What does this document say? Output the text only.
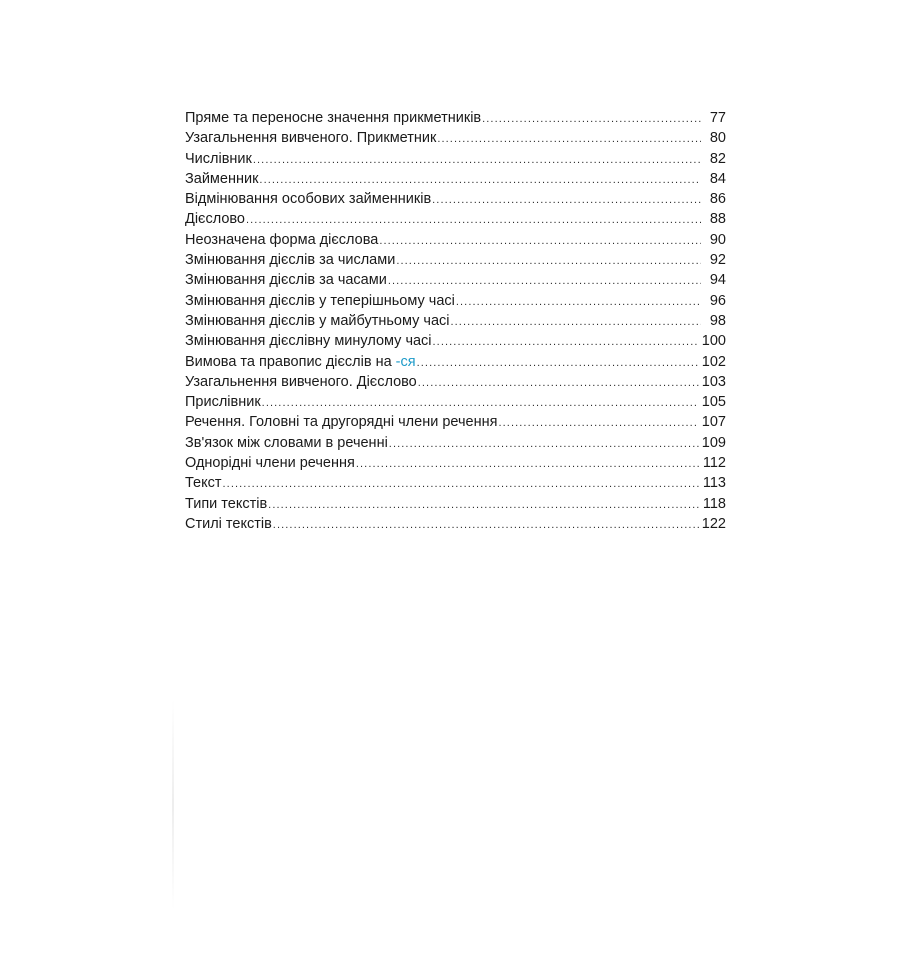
Пряме та переносне значення прикметників .....	77
Узагальнення вивченого. Прикметник .....	80
Числівник .....	82
Займенник .....	84
Відмінювання особових займенників .....	86
Дієслово .....	88
Неозначена форма дієслова .....	90
Змінювання дієслів за числами .....	92
Змінювання дієслів за часами .....	94
Змінювання дієслів у теперішньому часі .....	96
Змінювання дієслів у майбутньому часі .....	98
Змінювання дієслівну минулому часі .....	100
Вимова та правопис дієслів на -ся .....	102
Узагальнення вивченого. Дієслово .....	103
Прислівник .....	105
Речення. Головні та другорядні члени речення .....	107
Зв'язок між словами в реченні .....	109
Однорідні члени речення .....	112
Текст .....	113
Типи текстів .....	118
Стилі текстів .....	122
